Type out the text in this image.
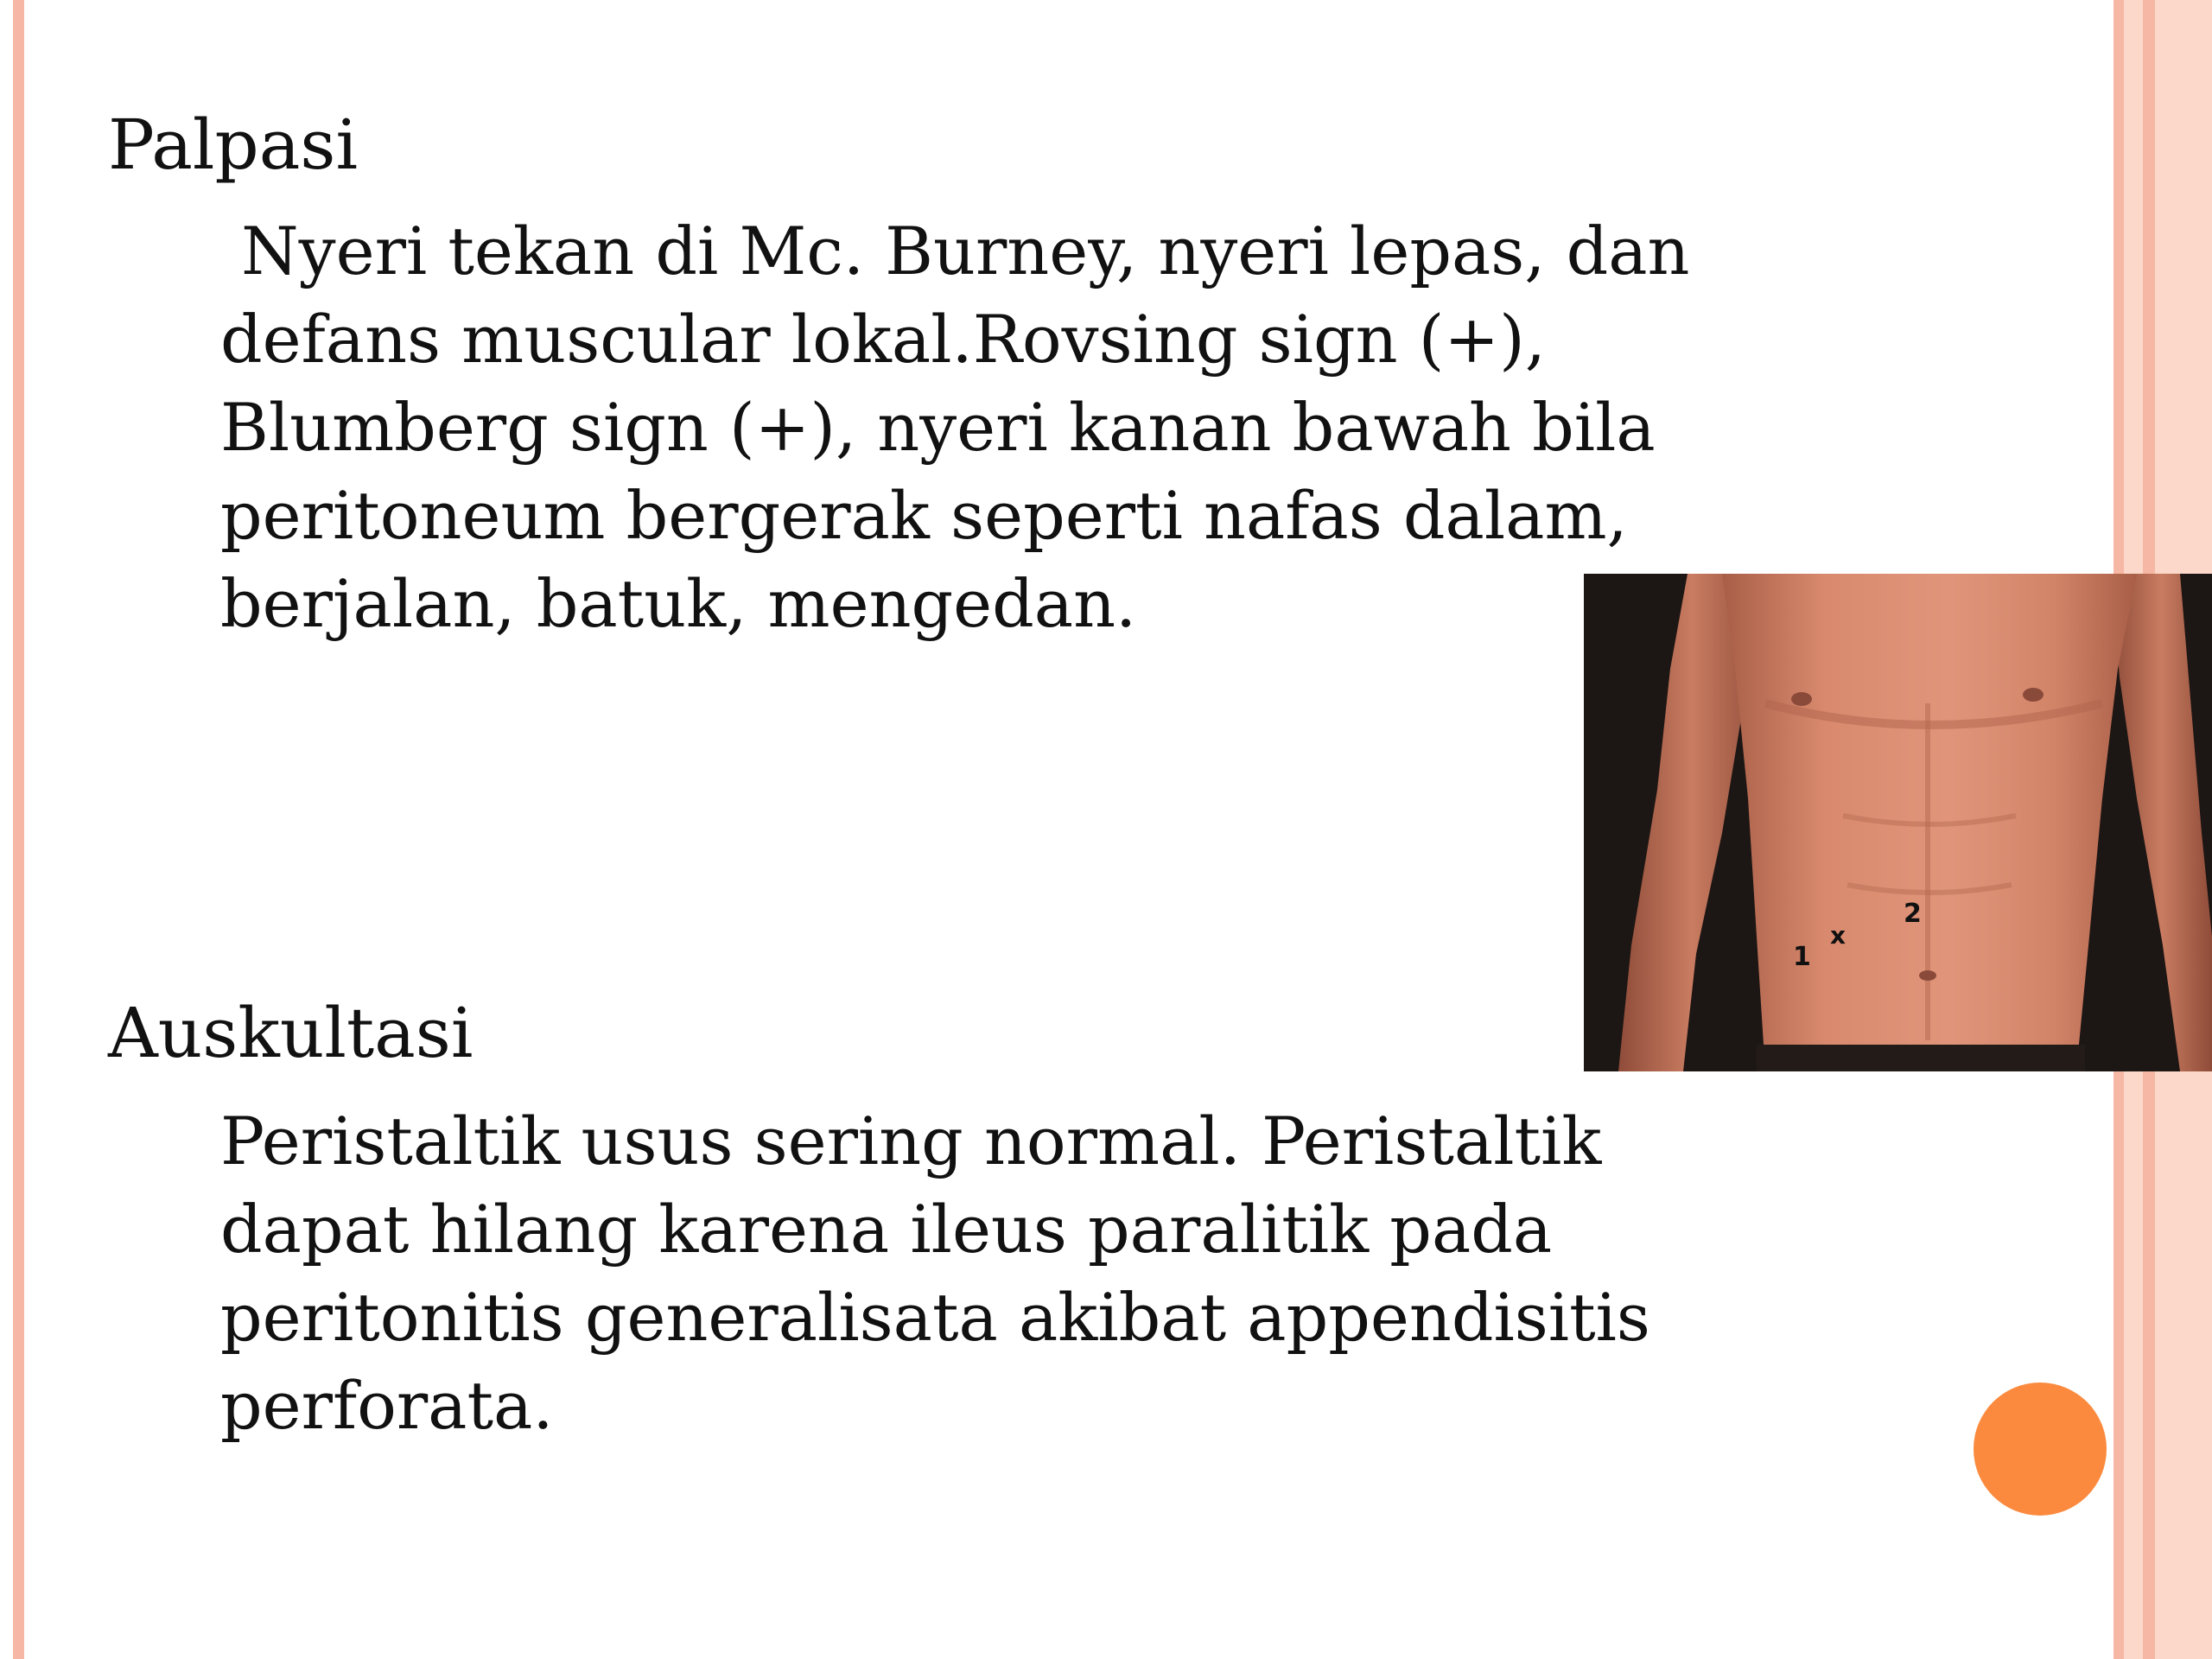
Palpasi
Nyeri tekan di Mc. Burney, nyeri lepas, dan
defans muscular lokal.Rovsing sign (+),
Blumberg sign (+), nyeri kanan bawah bila
peritoneum bergerak seperti nafas dalam,
berjalan, batuk, mengedan.
Auskultasi
Peristaltik usus sering normal. Peristaltik
dapat hilang karena ileus paralitik pada
peritonitis generalisata akibat appendisitis
perforata.
1
x
2
